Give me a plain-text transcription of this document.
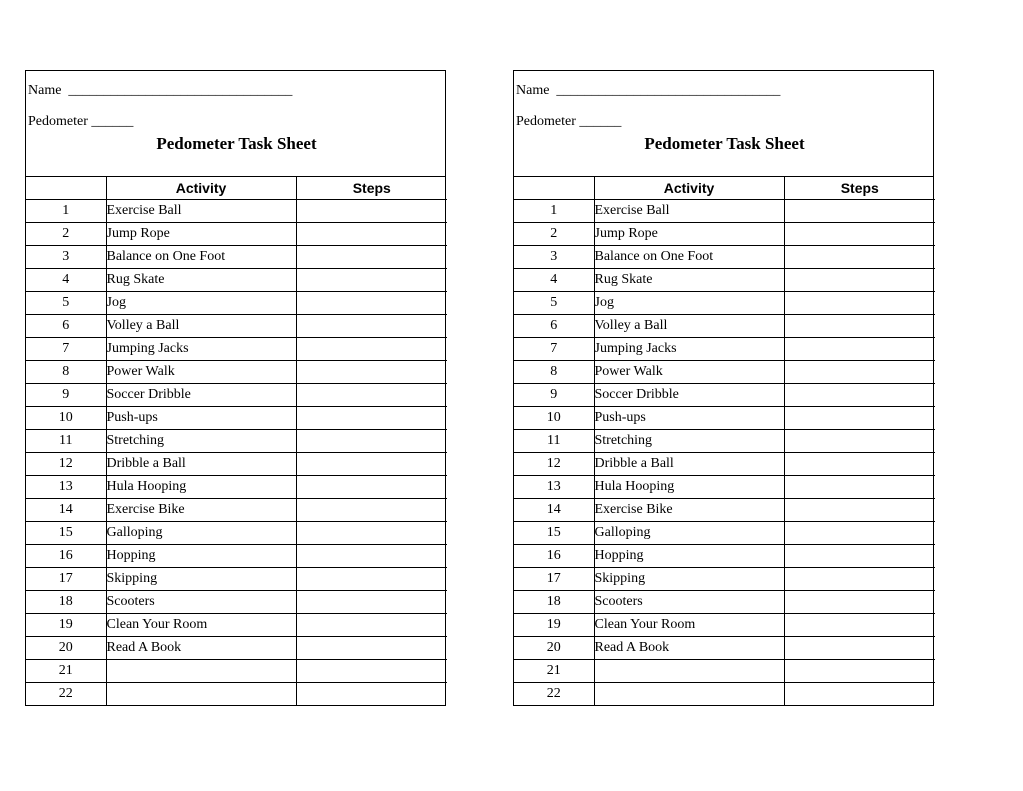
Name  ________________________________
Pedometer ______
Pedometer Task Sheet
	Activity	Steps
1	Exercise Ball	
2	Jump Rope	
3	Balance on One Foot	
4	Rug Skate	
5	Jog	
6	Volley a Ball	
7	Jumping Jacks	
8	Power Walk	
9	Soccer Dribble	
10	Push-ups	
11	Stretching	
12	Dribble a Ball	
13	Hula Hooping	
14	Exercise Bike	
15	Galloping	
16	Hopping	
17	Skipping	
18	Scooters	
19	Clean Your Room	
20	Read A Book	
21		
22		
Name  ________________________________
Pedometer ______
Pedometer Task Sheet
	Activity	Steps
1	Exercise Ball	
2	Jump Rope	
3	Balance on One Foot	
4	Rug Skate	
5	Jog	
6	Volley a Ball	
7	Jumping Jacks	
8	Power Walk	
9	Soccer Dribble	
10	Push-ups	
11	Stretching	
12	Dribble a Ball	
13	Hula Hooping	
14	Exercise Bike	
15	Galloping	
16	Hopping	
17	Skipping	
18	Scooters	
19	Clean Your Room	
20	Read A Book	
21		
22		
